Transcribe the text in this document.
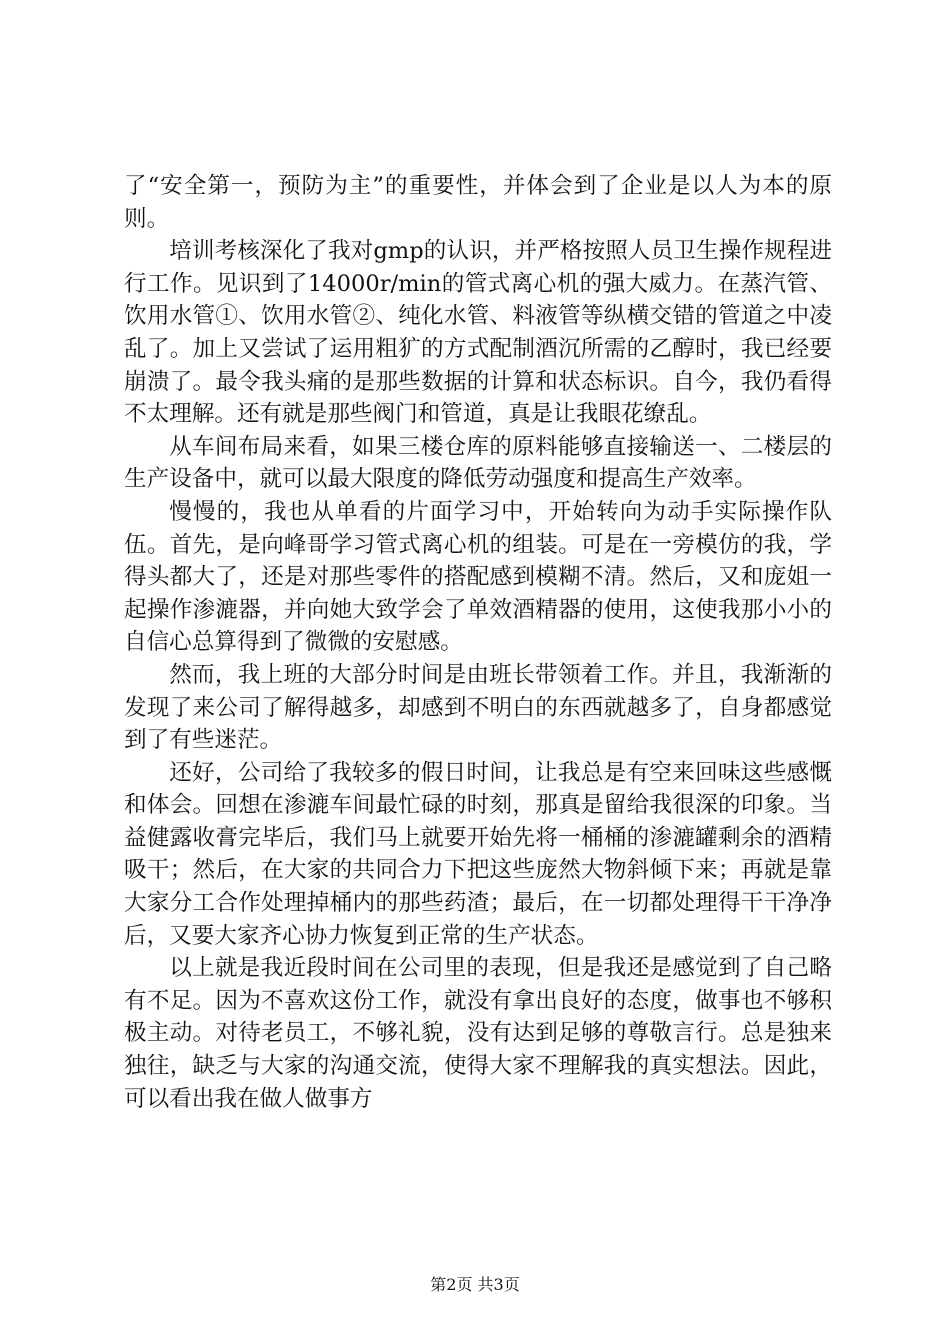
了“安全第一，预防为主”的重要性，并体会到了企业是以人为本的原则。

培训考核深化了我对gmp的认识，并严格按照人员卫生操作规程进行工作。见识到了14000r/min的管式离心机的强大威力。在蒸汽管、饮用水管①、饮用水管②、纯化水管、料液管等纵横交错的管道之中凌乱了。加上又尝试了运用粗犷的方式配制酒沉所需的乙醇时，我已经要崩溃了。最令我头痛的是那些数据的计算和状态标识。自今，我仍看得不太理解。还有就是那些阀门和管道，真是让我眼花缭乱。

从车间布局来看，如果三楼仓库的原料能够直接输送一、二楼层的生产设备中，就可以最大限度的降低劳动强度和提高生产效率。

慢慢的，我也从单看的片面学习中，开始转向为动手实际操作队伍。首先，是向峰哥学习管式离心机的组装。可是在一旁模仿的我，学得头都大了，还是对那些零件的搭配感到模糊不清。然后，又和庞姐一起操作渗漉器，并向她大致学会了单效酒精器的使用，这使我那小小的自信心总算得到了微微的安慰感。

然而，我上班的大部分时间是由班长带领着工作。并且，我渐渐的发现了来公司了解得越多，却感到不明白的东西就越多了，自身都感觉到了有些迷茫。

还好，公司给了我较多的假日时间，让我总是有空来回味这些感慨和体会。回想在渗漉车间最忙碌的时刻，那真是留给我很深的印象。当益健露收膏完毕后，我们马上就要开始先将一桶桶的渗漉罐剩余的酒精吸干；然后，在大家的共同合力下把这些庞然大物斜倾下来；再就是靠大家分工合作处理掉桶内的那些药渣；最后，在一切都处理得干干净净后，又要大家齐心协力恢复到正常的生产状态。

以上就是我近段时间在公司里的表现，但是我还是感觉到了自己略有不足。因为不喜欢这份工作，就没有拿出良好的态度，做事也不够积极主动。对待老员工，不够礼貌，没有达到足够的尊敬言行。总是独来独往，缺乏与大家的沟通交流，使得大家不理解我的真实想法。因此，可以看出我在做人做事方

第2页 共3页
